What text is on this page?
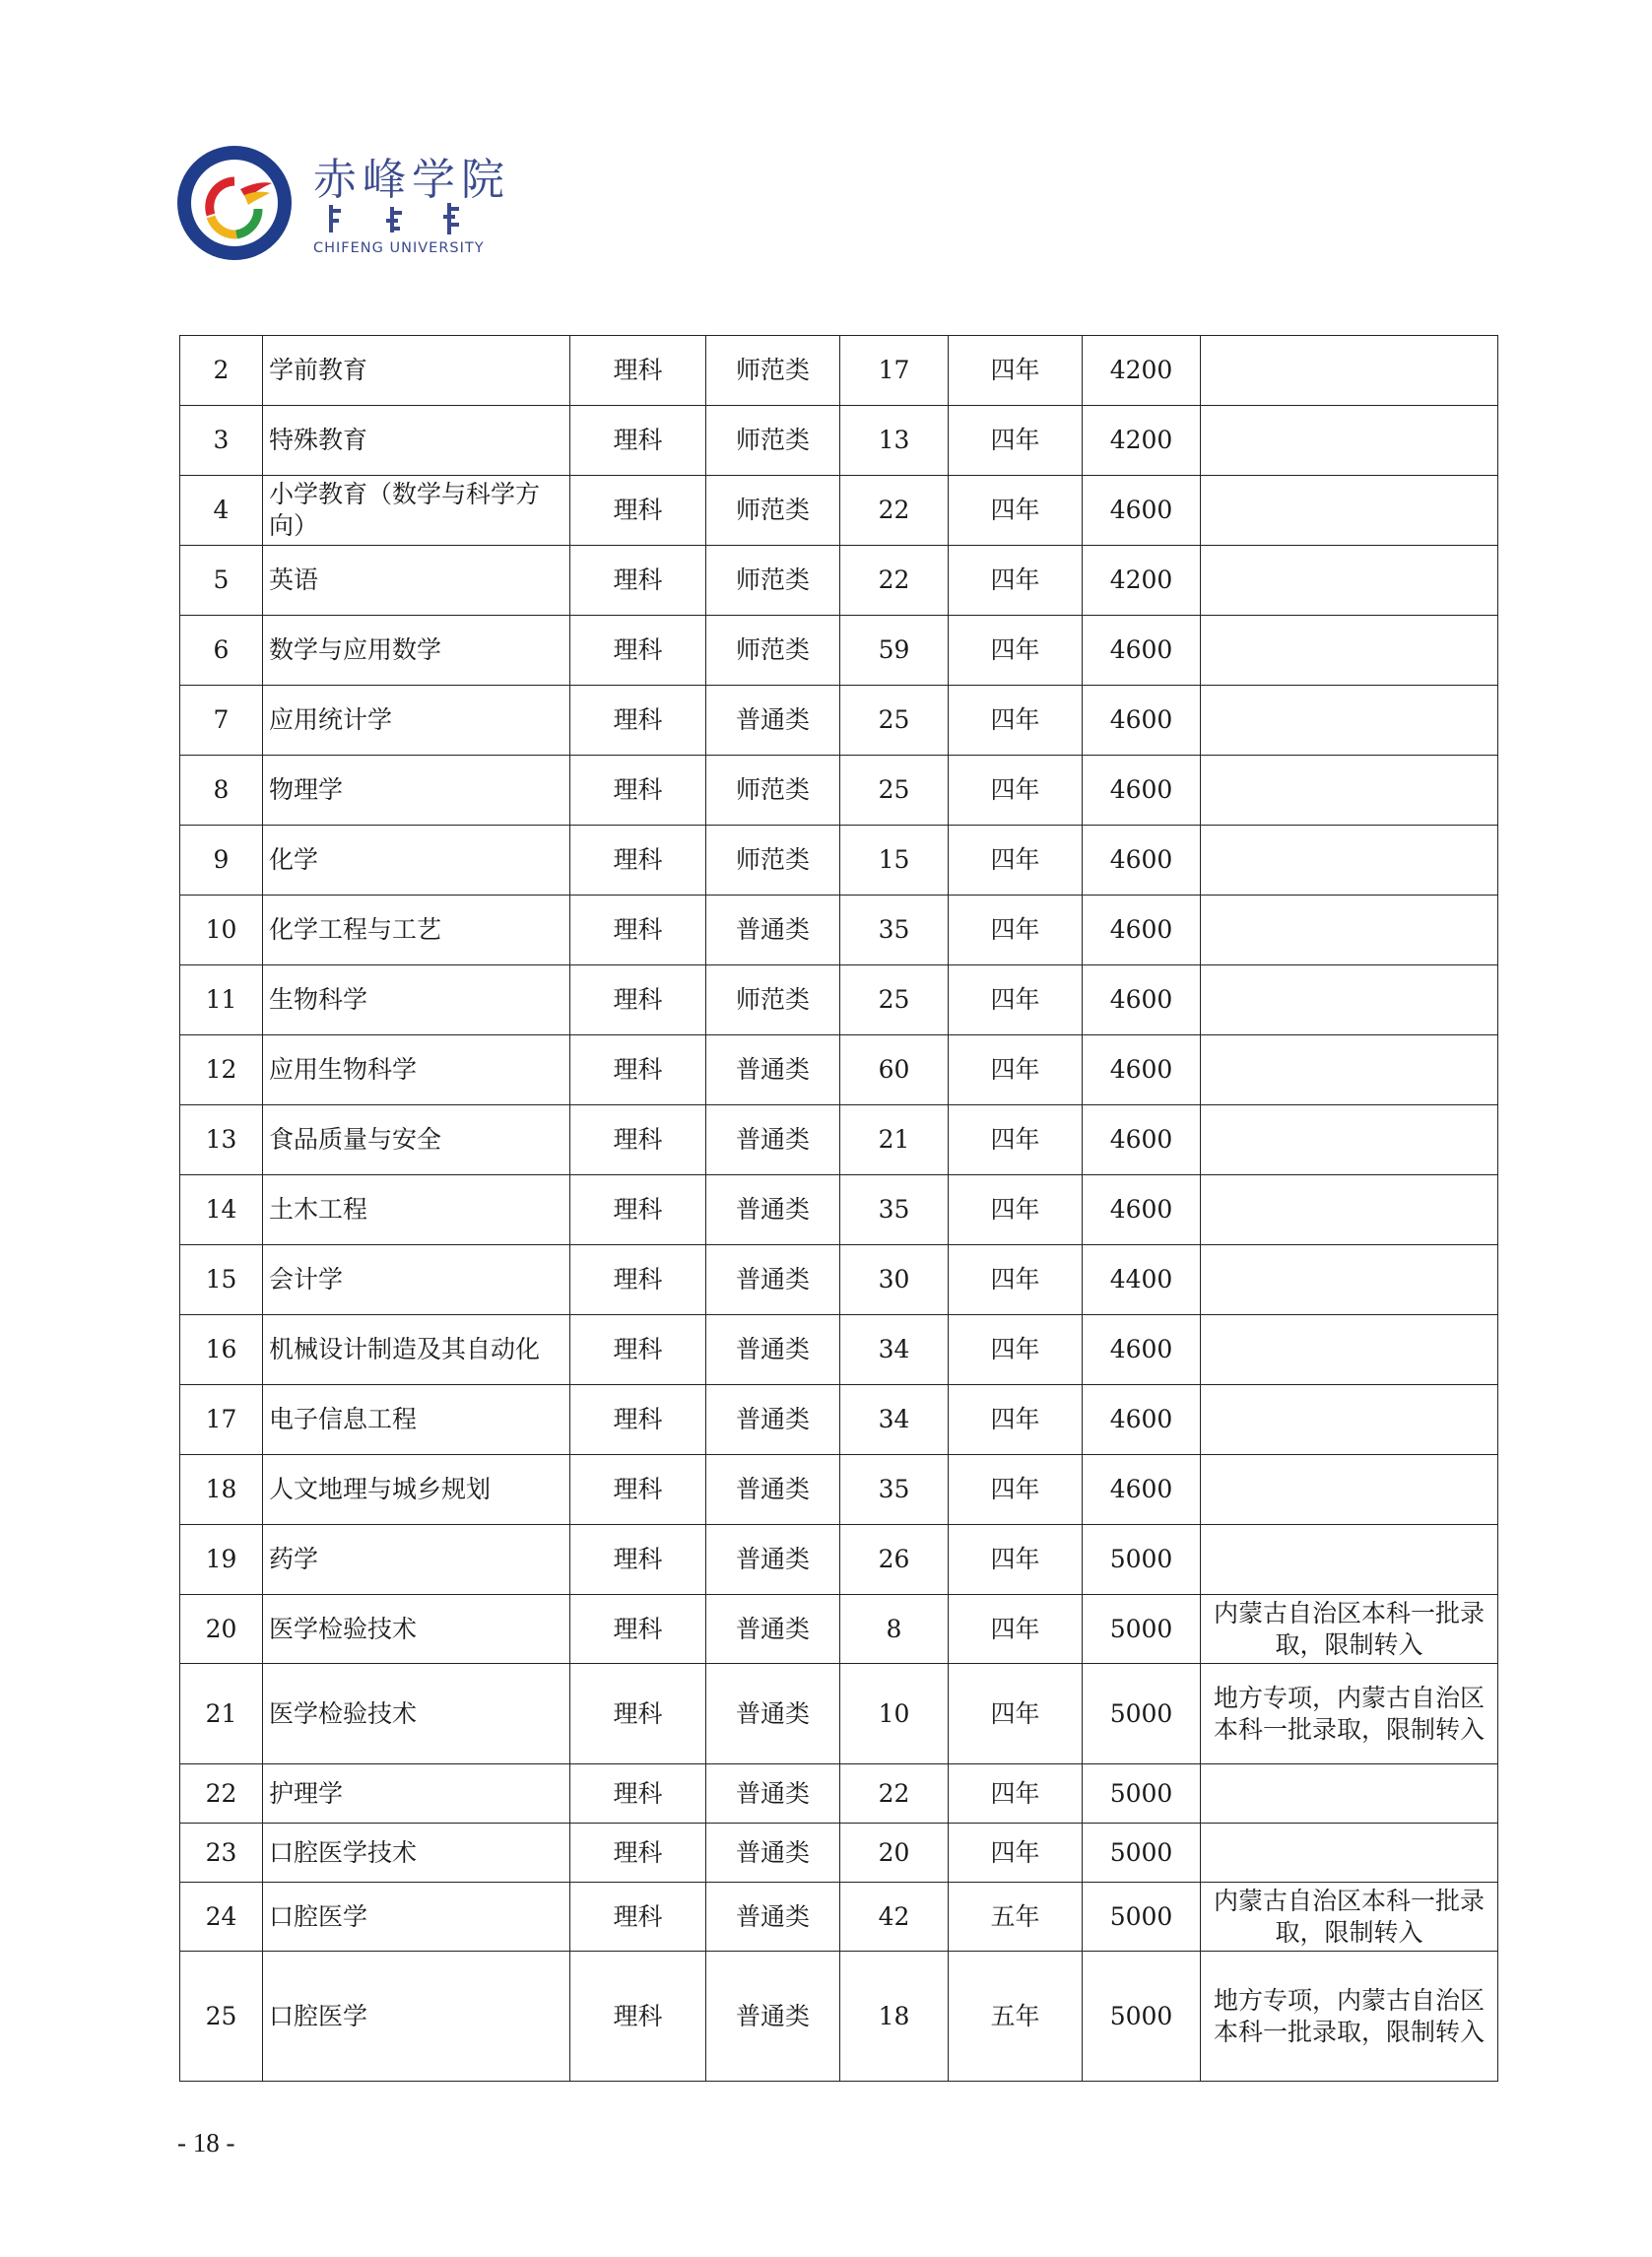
▮	赤峰学院
CHIFENG UNIVERSITY
2	学前教育	理科	师范类	17	四年	4200	
3	特殊教育	理科	师范类	13	四年	4200	
4	小学教育（数学与科学方向）	理科	师范类	22	四年	4600	
5	英语	理科	师范类	22	四年	4200	
6	数学与应用数学	理科	师范类	59	四年	4600	
7	应用统计学	理科	普通类	25	四年	4600	
8	物理学	理科	师范类	25	四年	4600	
9	化学	理科	师范类	15	四年	4600	
10	化学工程与工艺	理科	普通类	35	四年	4600	
11	生物科学	理科	师范类	25	四年	4600	
12	应用生物科学	理科	普通类	60	四年	4600	
13	食品质量与安全	理科	普通类	21	四年	4600	
14	土木工程	理科	普通类	35	四年	4600	
15	会计学	理科	普通类	30	四年	4400	
16	机械设计制造及其自动化	理科	普通类	34	四年	4600	
17	电子信息工程	理科	普通类	34	四年	4600	
18	人文地理与城乡规划	理科	普通类	35	四年	4600	
19	药学	理科	普通类	26	四年	5000	
20	医学检验技术	理科	普通类	8	四年	5000	内蒙古自治区本科一批录取，限制转入
21	医学检验技术	理科	普通类	10	四年	5000	地方专项，内蒙古自治区本科一批录取，限制转入
22	护理学	理科	普通类	22	四年	5000	
23	口腔医学技术	理科	普通类	20	四年	5000	
24	口腔医学	理科	普通类	42	五年	5000	内蒙古自治区本科一批录取，限制转入
25	口腔医学	理科	普通类	18	五年	5000	地方专项，内蒙古自治区本科一批录取，限制转入
- 18 -
